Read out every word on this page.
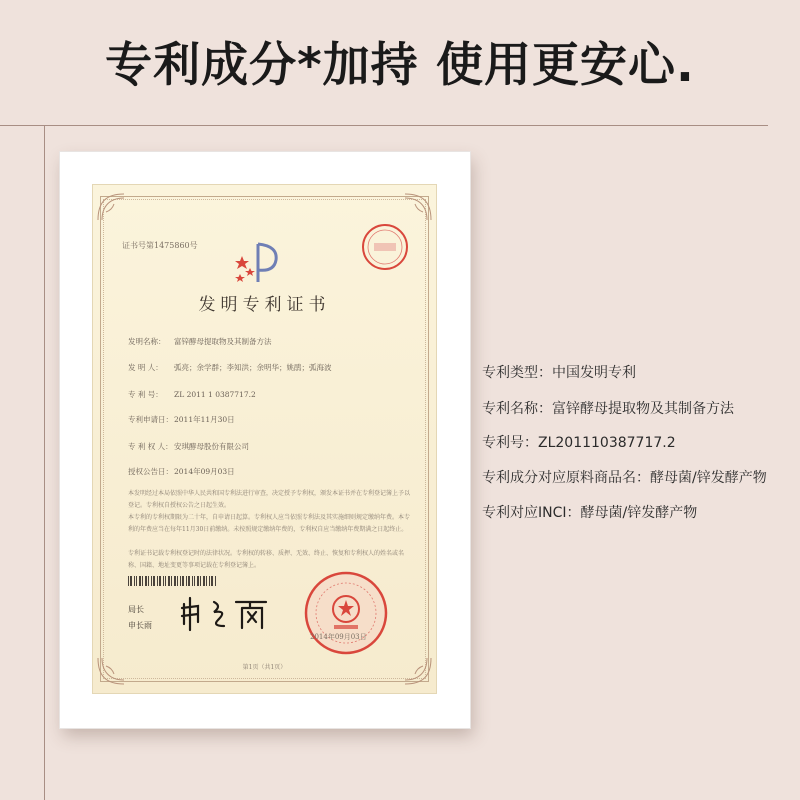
专利成分*加持 使用更安心.
证书号第1475860号
发明专利证书
发明名称： 富锌酵母提取物及其制备方法
发 明 人： 弧亮；余学群；李知洪；余明华；姚鹃；弧海波
专 利 号： ZL 2011 1 0387717.2
专利申请日：2011年11月30日
专 利 权 人：安琪酵母股份有限公司
授权公告日：2014年09月03日
本发明经过本局依照中华人民共和国专利法进行审查，决定授予专利权，颁发本证书并在专利登记簿上予以登记。专利权自授权公告之日起生效。
本专利的专利权期限为二十年，自申请日起算。专利权人应当依照专利法及其实施细则规定缴纳年费。本专利的年费应当在每年11月30日前缴纳。未按照规定缴纳年费的，专利权自应当缴纳年费期满之日起终止。
专利证书记载专利权登记时的法律状况。专利权的转移、质押、无效、终止、恢复和专利权人的姓名或名称、国籍、地址变更等事项记载在专利登记簿上。
局长
申长雨
2014年09月03日
第1页（共1页）
专利类型：中国发明专利
专利名称：富锌酵母提取物及其制备方法
专利号：ZL201110387717.2
专利成分对应原料商品名：酵母菌/锌发酵产物
专利对应INCI：酵母菌/锌发酵产物
